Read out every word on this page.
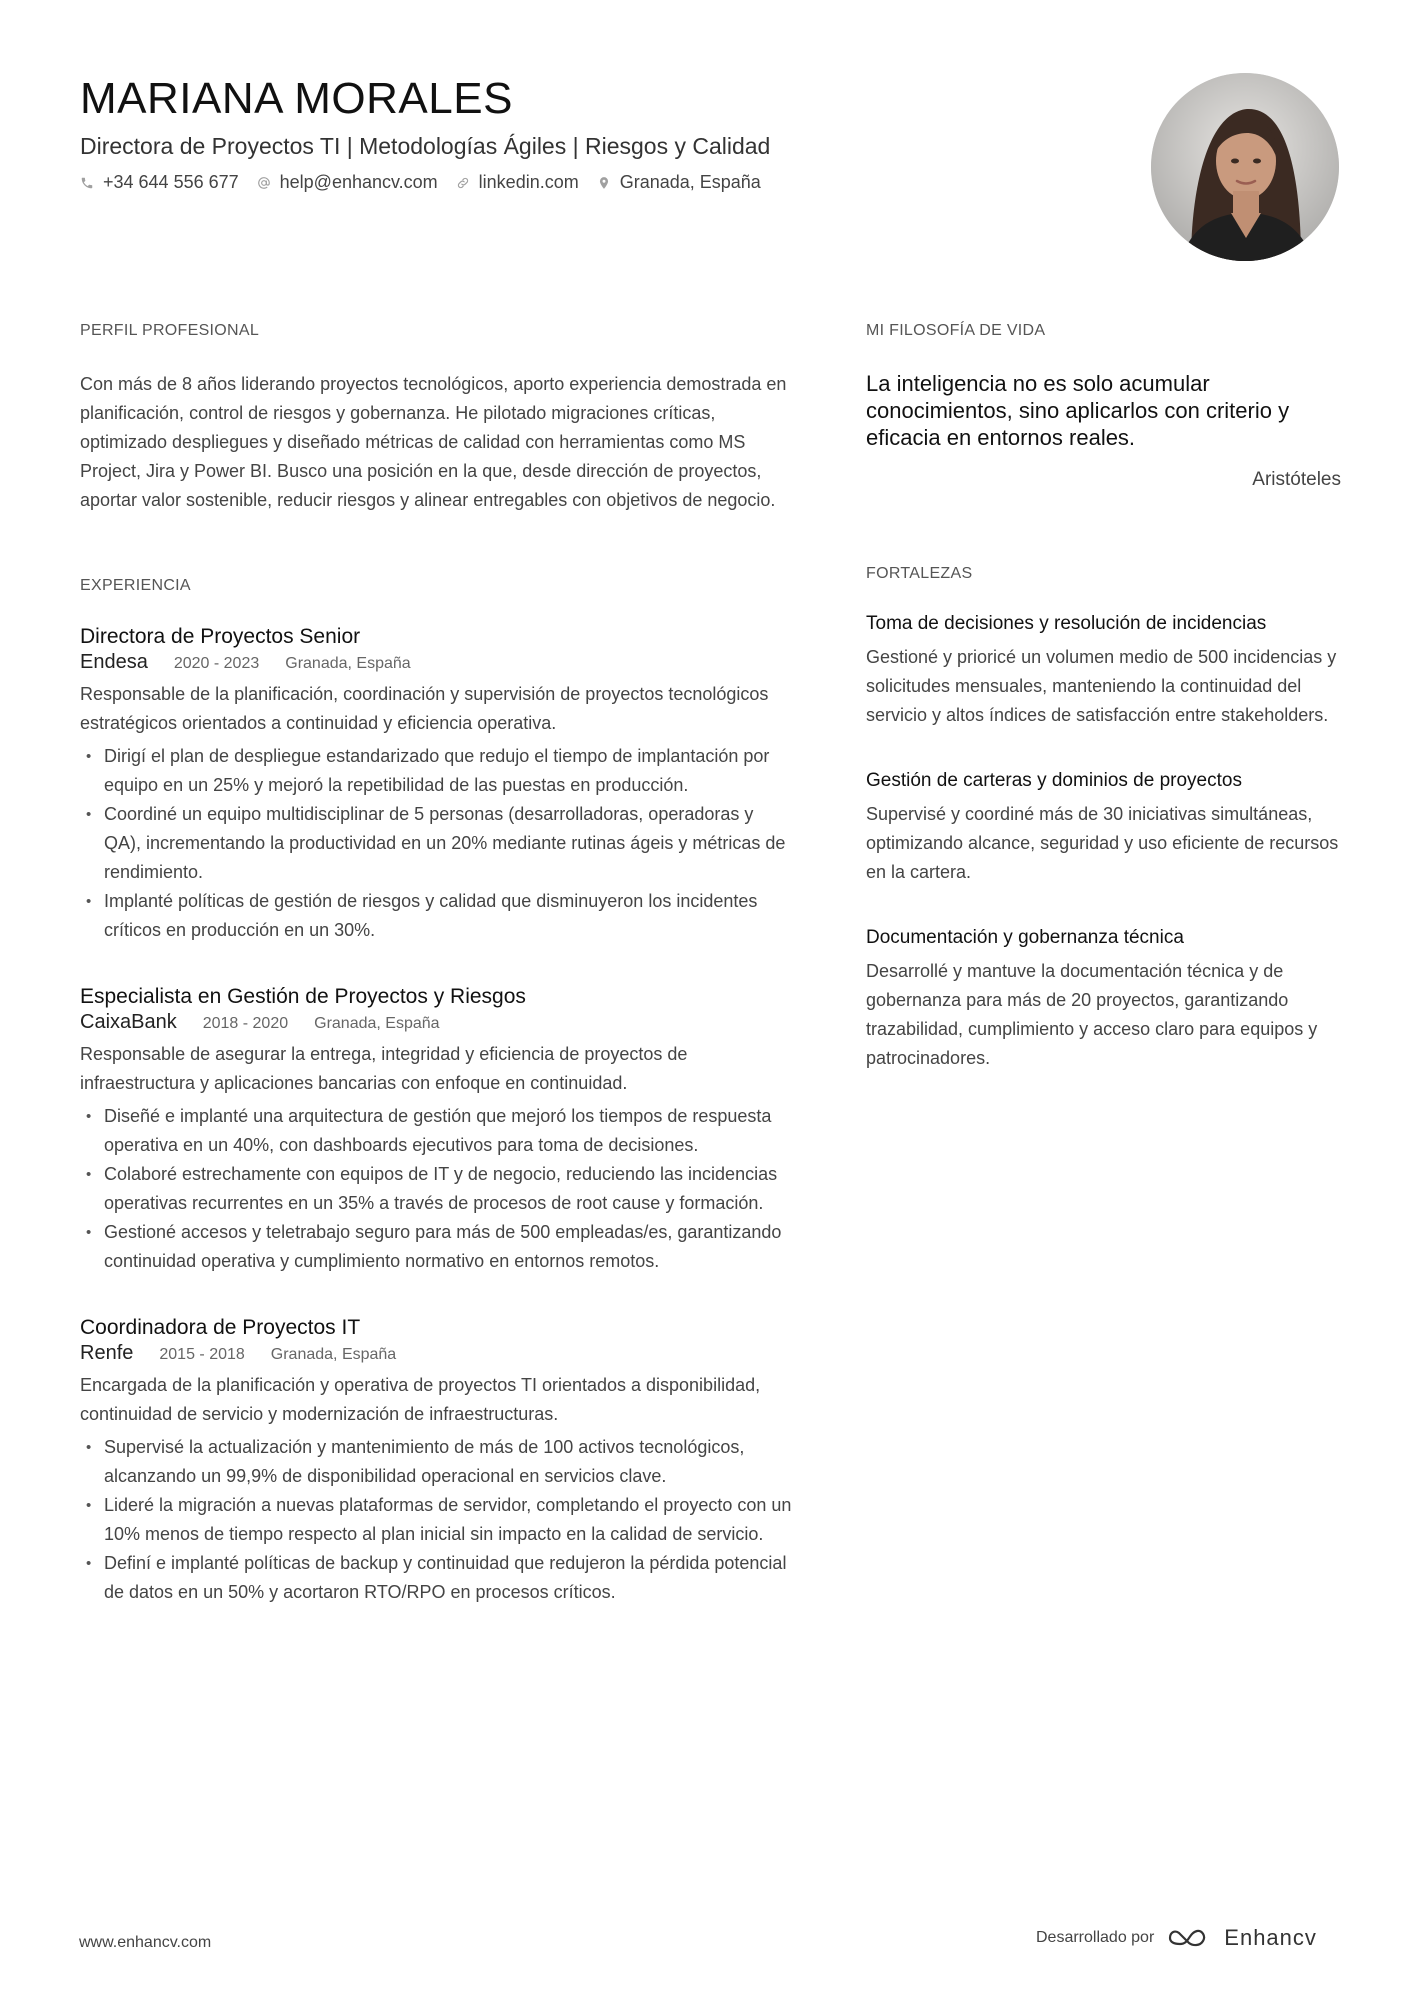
MARIANA MORALES
Directora de Proyectos TI | Metodologías Ágiles | Riesgos y Calidad
+34 644 556 677 help@enhancv.com linkedin.com Granada, España
PERFIL PROFESIONAL

Con más de 8 años liderando proyectos tecnológicos, aporto experiencia demostrada en planificación, control de riesgos y gobernanza. He pilotado migraciones críticas, optimizado despliegues y diseñado métricas de calidad con herramientas como MS Project, Jira y Power BI. Busco una posición en la que, desde dirección de proyectos, aportar valor sostenible, reducir riesgos y alinear entregables con objetivos de negocio.

EXPERIENCIA
Directora de Proyectos Senior
Endesa 2020 - 2023 Granada, España

Responsable de la planificación, coordinación y supervisión de proyectos tecnológicos estratégicos orientados a continuidad y eficiencia operativa.

• Dirigí el plan de despliegue estandarizado que redujo el tiempo de implantación por equipo en un 25% y mejoró la repetibilidad de las puestas en producción.
• Coordiné un equipo multidisciplinar de 5 personas (desarrolladoras, operadoras y QA), incrementando la productividad en un 20% mediante rutinas ágeis y métricas de rendimiento.
• Implanté políticas de gestión de riesgos y calidad que disminuyeron los incidentes críticos en producción en un 30%.
Especialista en Gestión de Proyectos y Riesgos
CaixaBank 2018 - 2020 Granada, España

Responsable de asegurar la entrega, integridad y eficiencia de proyectos de infraestructura y aplicaciones bancarias con enfoque en continuidad.

• Diseñé e implanté una arquitectura de gestión que mejoró los tiempos de respuesta operativa en un 40%, con dashboards ejecutivos para toma de decisiones.
• Colaboré estrechamente con equipos de IT y de negocio, reduciendo las incidencias operativas recurrentes en un 35% a través de procesos de root cause y formación.
• Gestioné accesos y teletrabajo seguro para más de 500 empleadas/es, garantizando continuidad operativa y cumplimiento normativo en entornos remotos.
Coordinadora de Proyectos IT
Renfe 2015 - 2018 Granada, España

Encargada de la planificación y operativa de proyectos TI orientados a disponibilidad, continuidad de servicio y modernización de infraestructuras.

• Supervisé la actualización y mantenimiento de más de 100 activos tecnológicos, alcanzando un 99,9% de disponibilidad operacional en servicios clave.
• Lideré la migración a nuevas plataformas de servidor, completando el proyecto con un 10% menos de tiempo respecto al plan inicial sin impacto en la calidad de servicio.
• Definí e implanté políticas de backup y continuidad que redujeron la pérdida potencial de datos en un 50% y acortaron RTO/RPO en procesos críticos.
MI FILOSOFÍA DE VIDA

La inteligencia no es solo acumular conocimientos, sino aplicarlos con criterio y eficacia en entornos reales.

Aristóteles
FORTALEZAS
Toma de decisiones y resolución de incidencias

Gestioné y prioricé un volumen medio de 500 incidencias y solicitudes mensuales, manteniendo la continuidad del servicio y altos índices de satisfacción entre stakeholders.

Gestión de carteras y dominios de proyectos

Supervisé y coordiné más de 30 iniciativas simultáneas, optimizando alcance, seguridad y uso eficiente de recursos en la cartera.

Documentación y gobernanza técnica

Desarrollé y mantuve la documentación técnica y de gobernanza para más de 20 proyectos, garantizando trazabilidad, cumplimiento y acceso claro para equipos y patrocinadores.

www.enhancv.com	Desarrollado por	Enhancv
